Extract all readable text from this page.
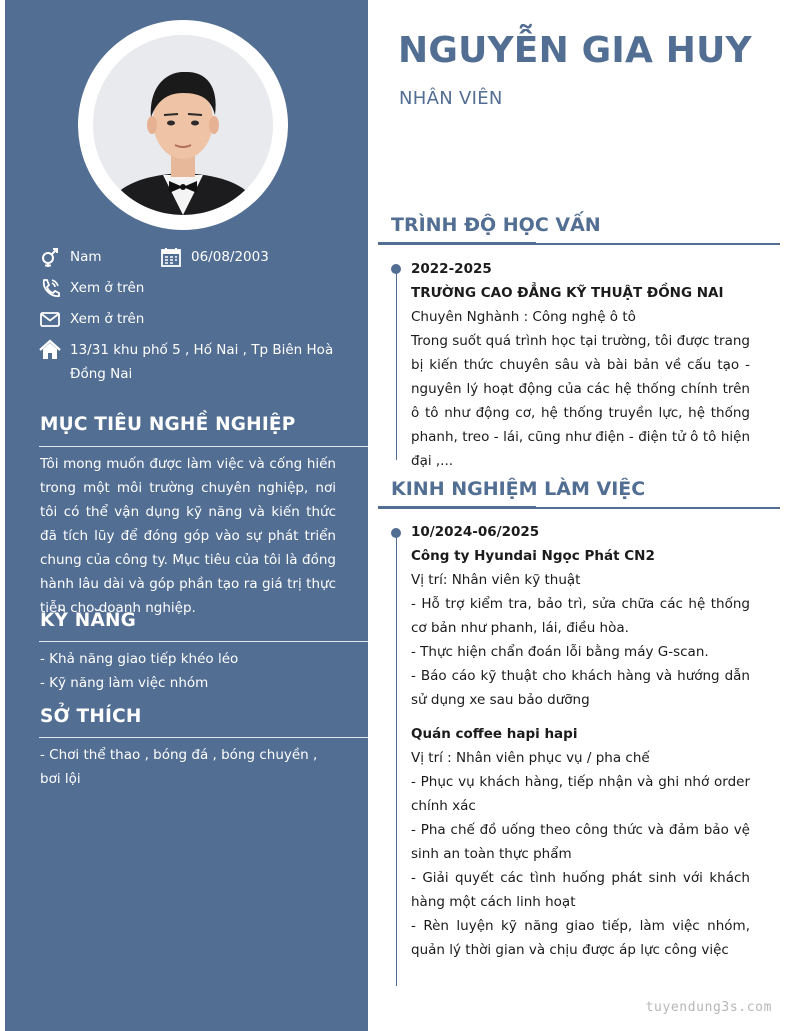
Nam	06/08/2003
Xem ở trên
Xem ở trên
13/31 khu phố 5 , Hố Nai , Tp Biên Hoà Đồng Nai
MỤC TIÊU NGHỀ NGHIỆP
Tôi mong muốn được làm việc và cống hiến trong một môi trường chuyên nghiệp, nơi tôi có thể vận dụng kỹ năng và kiến thức đã tích lũy để đóng góp vào sự phát triển chung của công ty. Mục tiêu của tôi là đồng hành lâu dài và góp phần tạo ra giá trị thực tiễn cho doanh nghiệp.
KỸ NĂNG
- Khả năng giao tiếp khéo léo
- Kỹ năng làm việc nhóm
SỞ THÍCH
- Chơi thể thao , bóng đá , bóng chuyền , bơi lội
NGUYỄN GIA HUY
NHÂN VIÊN
TRÌNH ĐỘ HỌC VẤN
2022-2025
TRƯỜNG CAO ĐẲNG KỸ THUẬT ĐỒNG NAI
Chuyên Nghành : Công nghệ ô tô
Trong suốt quá trình học tại trường, tôi được trang bị kiến thức chuyên sâu và bài bản về cấu tạo - nguyên lý hoạt động của các hệ thống chính trên ô tô như động cơ, hệ thống truyền lực, hệ thống phanh, treo - lái, cũng như điện - điện tử ô tô hiện đại ,...
KINH NGHIỆM LÀM VIỆC
10/2024-06/2025
Công ty Hyundai Ngọc Phát CN2
Vị trí: Nhân viên kỹ thuật
- Hỗ trợ kiểm tra, bảo trì, sửa chữa các hệ thống cơ bản như phanh, lái, điều hòa.
- Thực hiện chẩn đoán lỗi bằng máy G-scan.
- Báo cáo kỹ thuật cho khách hàng và hướng dẫn sử dụng xe sau bảo dưỡng
Quán coffee hapi hapi
Vị trí : Nhân viên phục vụ / pha chế
- Phục vụ khách hàng, tiếp nhận và ghi nhớ order chính xác
- Pha chế đồ uống theo công thức và đảm bảo vệ sinh an toàn thực phẩm
- Giải quyết các tình huống phát sinh với khách hàng một cách linh hoạt
- Rèn luyện kỹ năng giao tiếp, làm việc nhóm, quản lý thời gian và chịu được áp lực công việc
tuyendung3s.com
